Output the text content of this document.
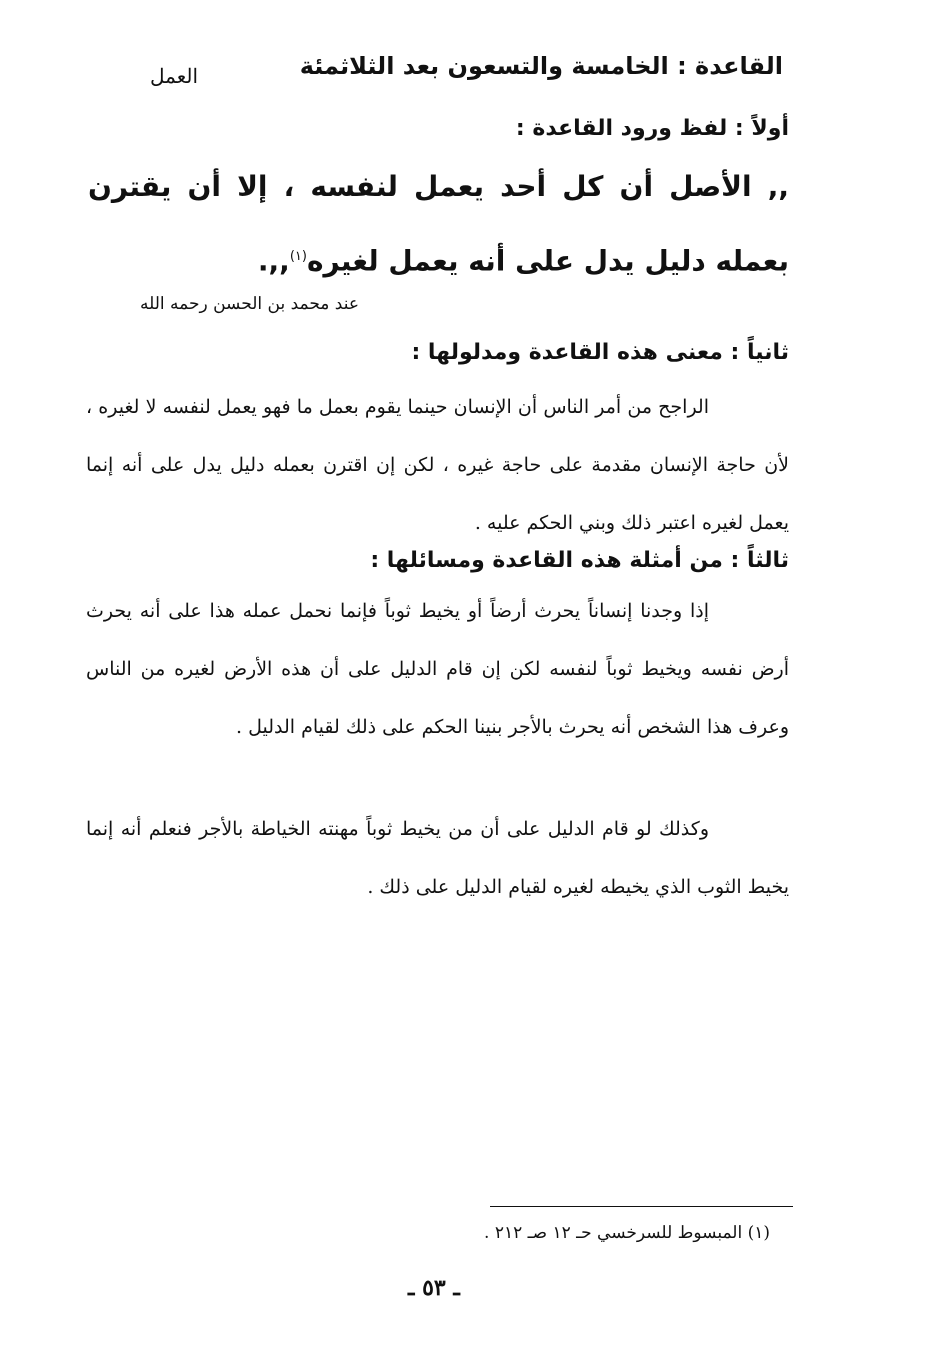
القاعدة : الخامسة والتسعون بعد الثلاثمئة
العمل
أولاً : لفظ ورود القاعدة :
,, الأصل أن كل أحد يعمل لنفسه ، إلا أن يقترن بعمله دليل يدل على أنه يعمل لغيره$^{(١)}$,,.
عند محمد بن الحسن رحمه الله
ثانياً : معنى هذه القاعدة ومدلولها :
الراجح من أمر الناس أن الإنسان حينما يقوم بعمل ما فهو يعمل لنفسه لا لغيره ، لأن حاجة الإنسان مقدمة على حاجة غيره ، لكن إن اقترن بعمله دليل يدل على أنه إنما يعمل لغيره اعتبر ذلك وبني الحكم عليه .
ثالثاً : من أمثلة هذه القاعدة ومسائلها :
إذا وجدنا إنساناً يحرث أرضاً أو يخيط ثوباً فإنما نحمل عمله هذا على أنه يحرث أرض نفسه ويخيط ثوباً لنفسه لكن إن قام الدليل على أن هذه الأرض لغيره من الناس وعرف هذا الشخص أنه يحرث بالأجر بنينا الحكم على ذلك لقيام الدليل .
وكذلك لو قام الدليل على أن من يخيط ثوباً مهنته الخياطة بالأجر فنعلم أنه إنما يخيط الثوب الذي يخيطه لغيره لقيام الدليل على ذلك .
(١) المبسوط للسرخسي حـ ١٢ صـ ٢١٢ .
ـ ٥٣ ـ
